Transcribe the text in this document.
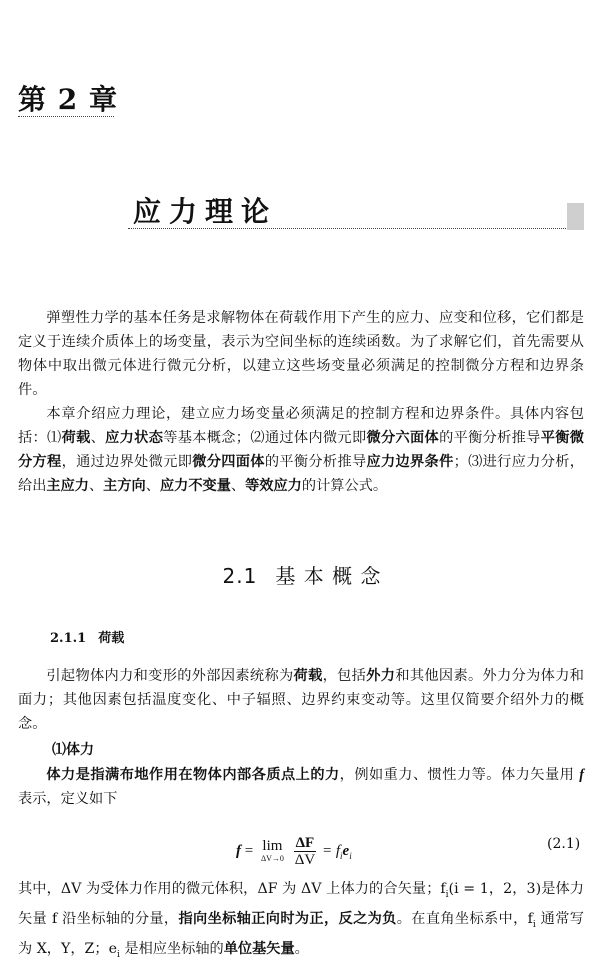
第 2 章
应力理论

弹塑性力学的基本任务是求解物体在荷载作用下产生的应力、应变和位移，它们都是定义于连续介质体上的场变量，表示为空间坐标的连续函数。为了求解它们，首先需要从物体中取出微元体进行微元分析，以建立这些场变量必须满足的控制微分方程和边界条件。

本章介绍应力理论，建立应力场变量必须满足的控制方程和边界条件。具体内容包括：⑴荷载、应力状态等基本概念；⑵通过体内微元即微分六面体的平衡分析推导平衡微分方程，通过边界处微元即微分四面体的平衡分析推导应力边界条件；⑶进行应力分析，给出主应力、主方向、应力不变量、等效应力的计算公式。

2.1 基 本 概 念
2.1.1 荷载

引起物体内力和变形的外部因素统称为荷载，包括外力和其他因素。外力分为体力和面力；其他因素包括温度变化、中子辐照、边界约束变动等。这里仅简要介绍外力的概念。

⑴体力

体力是指满布地作用在物体内部各质点上的力，例如重力、惯性力等。体力矢量用 f 表示，定义如下

f = lim
ΔV→0
$\frac{\Delta F}{\Delta V} = f_ie_i$
(2.1)

其中，ΔV 为受体力作用的微元体积，ΔF 为 ΔV 上体力的合矢量；$f_i(i = 1$，2，3)是体力矢量 f 沿坐标轴的分量，指向坐标轴正向时为正，反之为负。在直角坐标系中，$f_i$ 通常写为 X，Y，Z；$e_i$ 是相应坐标轴的单位基矢量。
